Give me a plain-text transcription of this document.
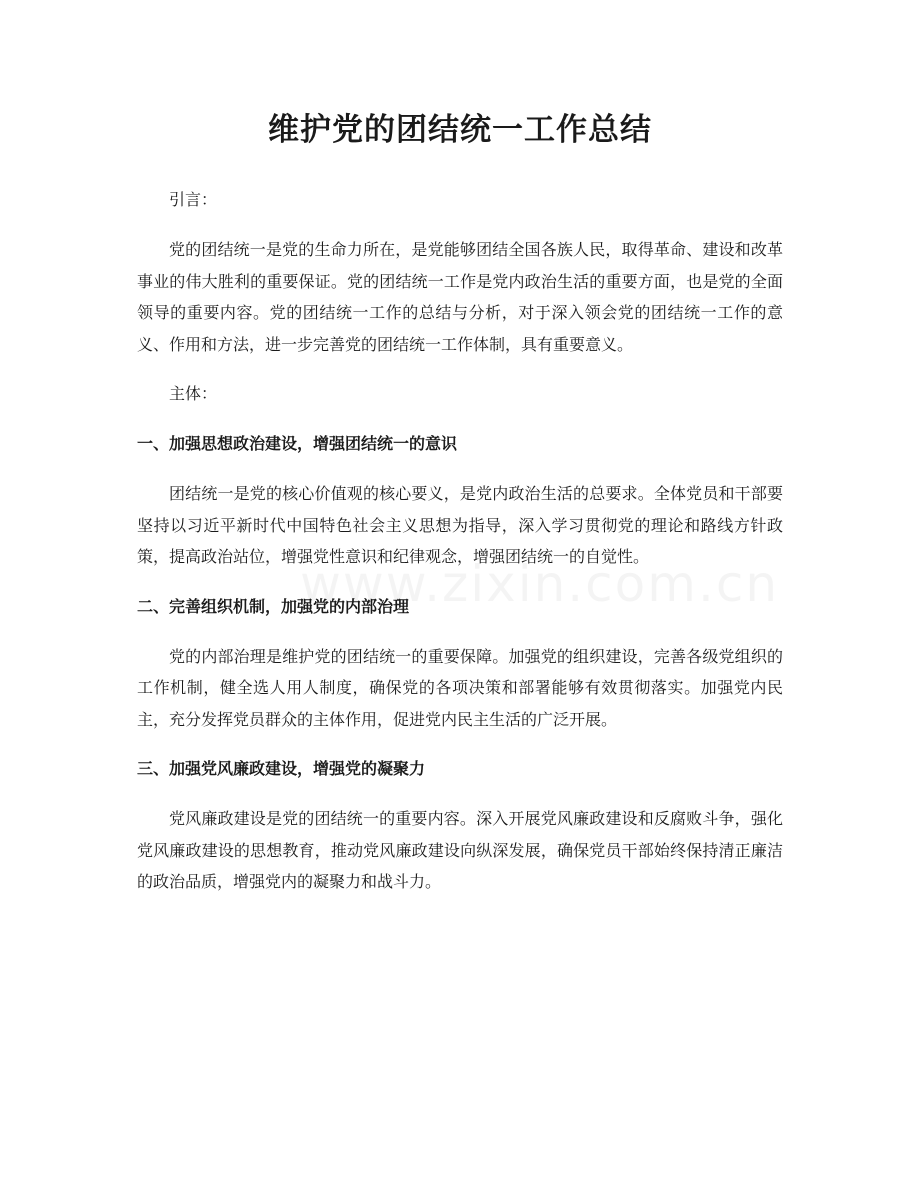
维护党的团结统一工作总结

引言：

党的团结统一是党的生命力所在，是党能够团结全国各族人民，取得革命、建设和改革事业的伟大胜利的重要保证。党的团结统一工作是党内政治生活的重要方面，也是党的全面领导的重要内容。党的团结统一工作的总结与分析，对于深入领会党的团结统一工作的意义、作用和方法，进一步完善党的团结统一工作体制，具有重要意义。

主体：

一、加强思想政治建设，增强团结统一的意识

团结统一是党的核心价值观的核心要义，是党内政治生活的总要求。全体党员和干部要坚持以习近平新时代中国特色社会主义思想为指导，深入学习贯彻党的理论和路线方针政策，提高政治站位，增强党性意识和纪律观念，增强团结统一的自觉性。

二、完善组织机制，加强党的内部治理

党的内部治理是维护党的团结统一的重要保障。加强党的组织建设，完善各级党组织的工作机制，健全选人用人制度，确保党的各项决策和部署能够有效贯彻落实。加强党内民主，充分发挥党员群众的主体作用，促进党内民主生活的广泛开展。

三、加强党风廉政建设，增强党的凝聚力

党风廉政建设是党的团结统一的重要内容。深入开展党风廉政建设和反腐败斗争，强化党风廉政建设的思想教育，推动党风廉政建设向纵深发展，确保党员干部始终保持清正廉洁的政治品质，增强党内的凝聚力和战斗力。
